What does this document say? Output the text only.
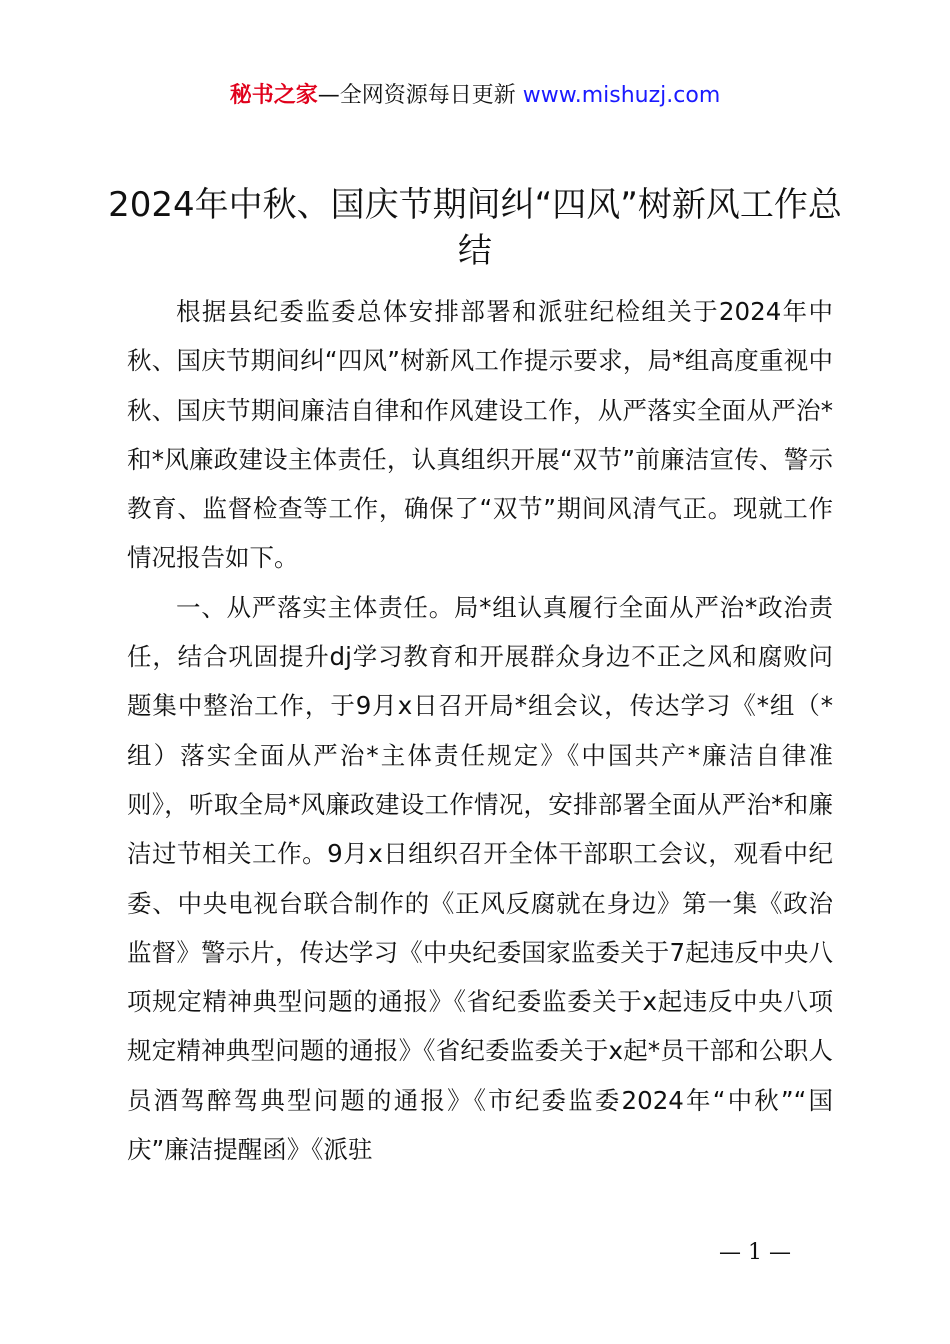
秘书之家—全网资源每日更新 www.mishuzj.com
2024年中秋、国庆节期间纠“四风”树新风工作总结

根据县纪委监委总体安排部署和派驻纪检组关于2024年中秋、国庆节期间纠“四风”树新风工作提示要求，局*组高度重视中秋、国庆节期间廉洁自律和作风建设工作，从严落实全面从严治*和*风廉政建设主体责任，认真组织开展“双节”前廉洁宣传、警示教育、监督检查等工作，确保了“双节”期间风清气正。现就工作情况报告如下。

一、从严落实主体责任。局*组认真履行全面从严治*政治责任，结合巩固提升dj学习教育和开展群众身边不正之风和腐败问题集中整治工作，于9月x日召开局*组会议，传达学习《*组（*组）落实全面从严治*主体责任规定》《中国共产*廉洁自律准则》，听取全局*风廉政建设工作情况，安排部署全面从严治*和廉洁过节相关工作。9月x日组织召开全体干部职工会议，观看中纪委、中央电视台联合制作的《正风反腐就在身边》第一集《政治监督》警示片，传达学习《中央纪委国家监委关于7起违反中央八项规定精神典型问题的通报》《省纪委监委关于x起违反中央八项规定精神典型问题的通报》《省纪委监委关于x起*员干部和公职人员酒驾醉驾典型问题的通报》《市纪委监委2024年“中秋”“国庆”廉洁提醒函》《派驻

— 1 —
